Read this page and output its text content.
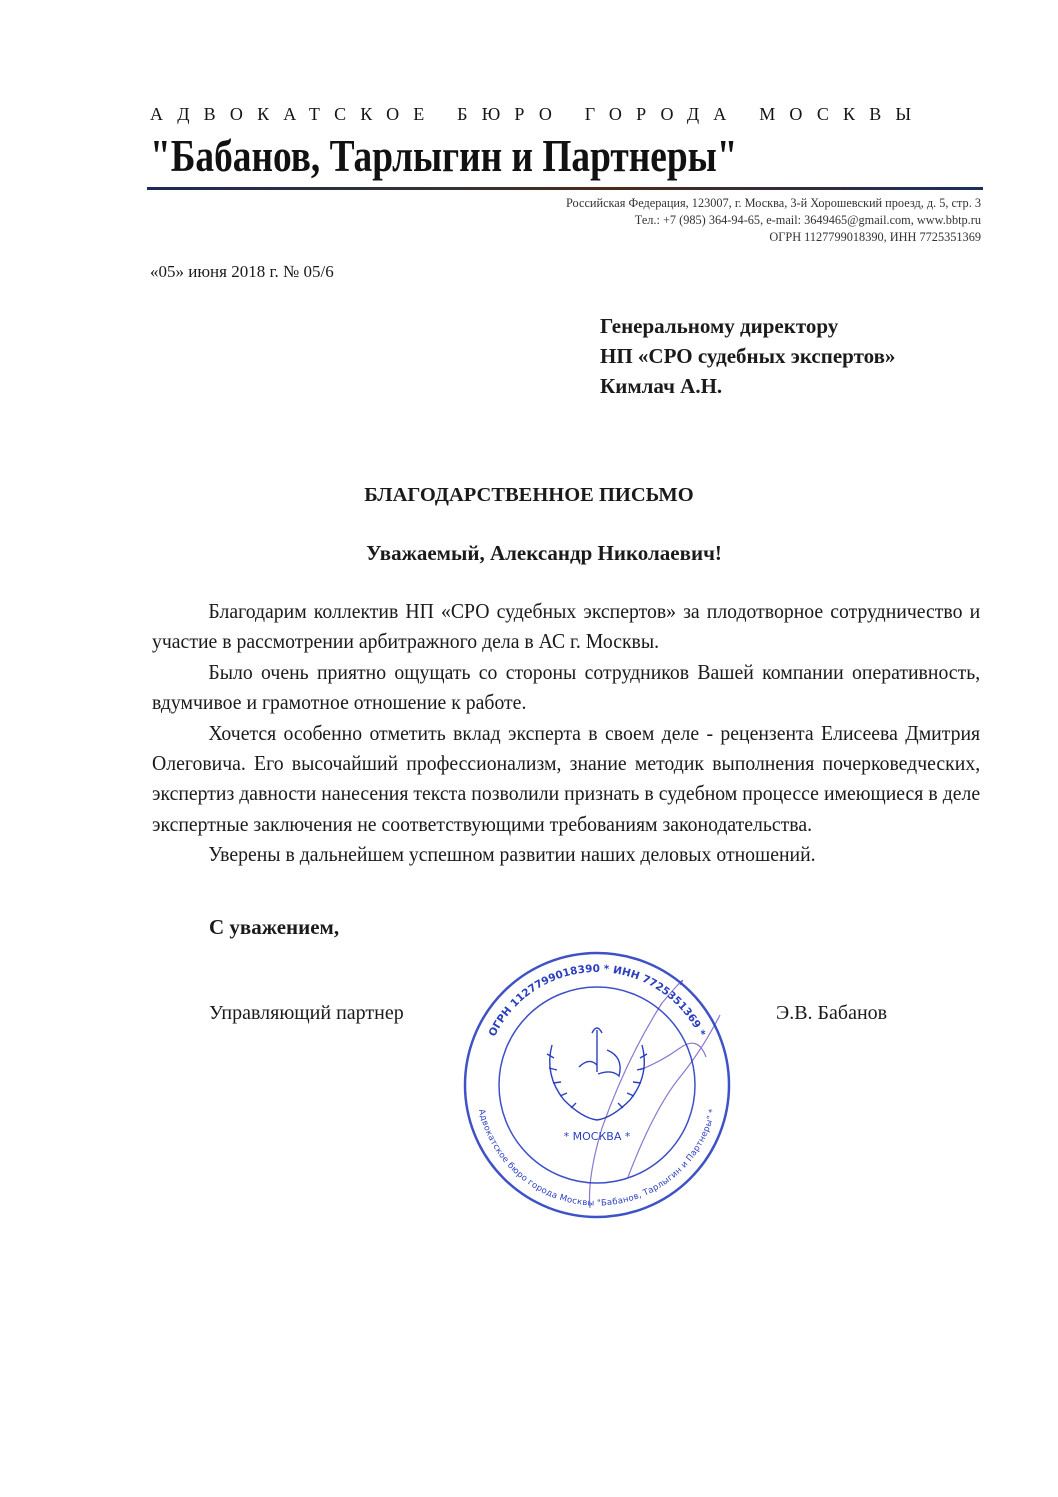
АДВОКАТСКОЕ БЮРО ГОРОДА МОСКВЫ
"Бабанов, Тарлыгин и Партнеры"
Российская Федерация, 123007, г. Москва, 3-й Хорошевский проезд, д. 5, стр. 3
Тел.: +7 (985) 364-94-65, e-mail: 3649465@gmail.com, www.bbtp.ru
ОГРН 1127799018390, ИНН 7725351369
«05» июня 2018 г. № 05/6
Генеральному директору
НП «СРО судебных экспертов»
Кимлач А.Н.
БЛАГОДАРСТВЕННОЕ ПИСЬМО
Уважаемый, Александр Николаевич!

Благодарим коллектив НП «СРО судебных экспертов» за плодотворное сотрудничество и участие в рассмотрении арбитражного дела в АС г. Москвы.

Было очень приятно ощущать со стороны сотрудников Вашей компании оперативность, вдумчивое и грамотное отношение к работе.

Хочется особенно отметить вклад эксперта в своем деле - рецензента Елисеева Дмитрия Олеговича. Его высочайший профессионализм, знание методик выполнения почерковедческих, экспертиз давности нанесения текста позволили признать в судебном процессе имеющиеся в деле экспертные заключения не соответствующими требованиям законодательства.

Уверены в дальнейшем успешном развитии наших деловых отношений.

С уважением,
Управляющий партнер	Э.В. Бабанов
ОГРН 1127799018390 * ИНН 7725351369 *
Адвокатское бюро города Москвы "Бабанов, Тарлыгин и Партнеры" *
* МОСКВА *
